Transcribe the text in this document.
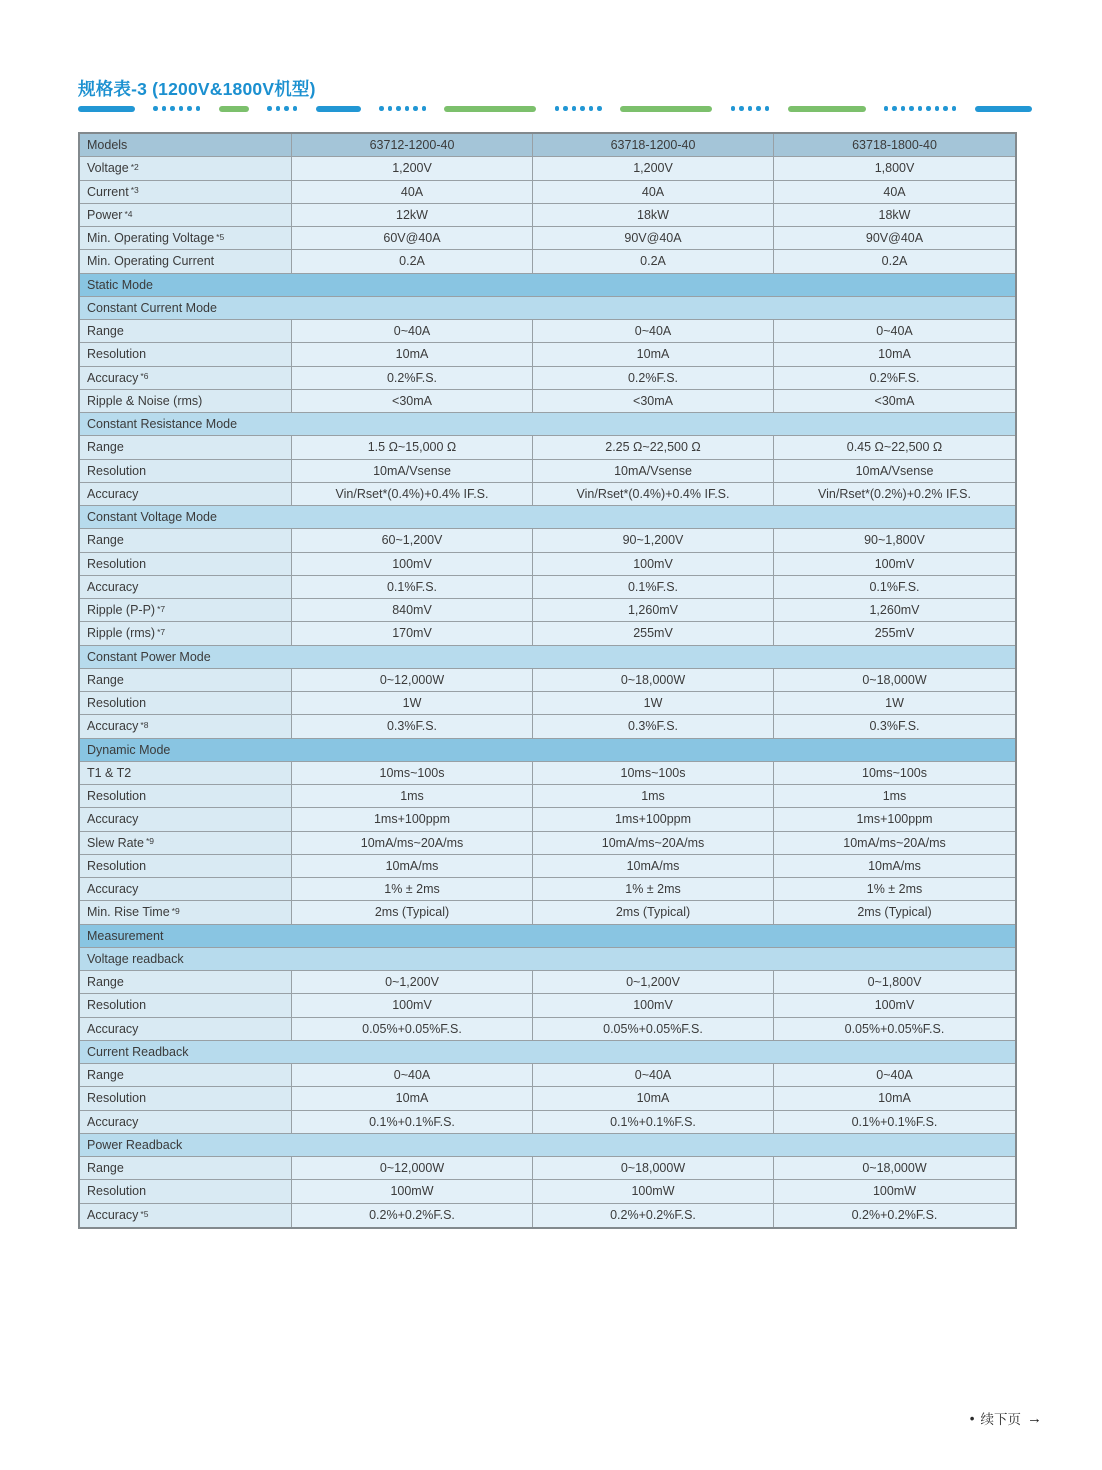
规格表-3 (1200V&1800V机型)
Models	63712-1200-40	63718-1200-40	63718-1800-40
Voltage *2	1,200V	1,200V	1,800V
Current *3	40A	40A	40A
Power *4	12kW	18kW	18kW
Min. Operating Voltage *5	60V@40A	90V@40A	90V@40A
Min. Operating Current	0.2A	0.2A	0.2A
Static Mode
Constant Current Mode
Range	0~40A	0~40A	0~40A
Resolution	10mA	10mA	10mA
Accuracy *6	0.2%F.S.	0.2%F.S.	0.2%F.S.
Ripple & Noise (rms)	<30mA	<30mA	<30mA
Constant Resistance Mode
Range	1.5 Ω~15,000 Ω	2.25 Ω~22,500 Ω	0.45 Ω~22,500 Ω
Resolution	10mA/Vsense	10mA/Vsense	10mA/Vsense
Accuracy	Vin/Rset*(0.4%)+0.4% IF.S.	Vin/Rset*(0.4%)+0.4% IF.S.	Vin/Rset*(0.2%)+0.2% IF.S.
Constant Voltage Mode
Range	60~1,200V	90~1,200V	90~1,800V
Resolution	100mV	100mV	100mV
Accuracy	0.1%F.S.	0.1%F.S.	0.1%F.S.
Ripple (P-P) *7	840mV	1,260mV	1,260mV
Ripple (rms) *7	170mV	255mV	255mV
Constant Power Mode
Range	0~12,000W	0~18,000W	0~18,000W
Resolution	1W	1W	1W
Accuracy *8	0.3%F.S.	0.3%F.S.	0.3%F.S.
Dynamic Mode
T1 & T2	10ms~100s	10ms~100s	10ms~100s
Resolution	1ms	1ms	1ms
Accuracy	1ms+100ppm	1ms+100ppm	1ms+100ppm
Slew Rate *9	10mA/ms~20A/ms	10mA/ms~20A/ms	10mA/ms~20A/ms
Resolution	10mA/ms	10mA/ms	10mA/ms
Accuracy	1% ± 2ms	1% ± 2ms	1% ± 2ms
Min. Rise Time *9	2ms (Typical)	2ms (Typical)	2ms (Typical)
Measurement
Voltage readback
Range	0~1,200V	0~1,200V	0~1,800V
Resolution	100mV	100mV	100mV
Accuracy	0.05%+0.05%F.S.	0.05%+0.05%F.S.	0.05%+0.05%F.S.
Current Readback
Range	0~40A	0~40A	0~40A
Resolution	10mA	10mA	10mA
Accuracy	0.1%+0.1%F.S.	0.1%+0.1%F.S.	0.1%+0.1%F.S.
Power Readback
Range	0~12,000W	0~18,000W	0~18,000W
Resolution	100mW	100mW	100mW
Accuracy *5	0.2%+0.2%F.S.	0.2%+0.2%F.S.	0.2%+0.2%F.S.
• 续下页 →
